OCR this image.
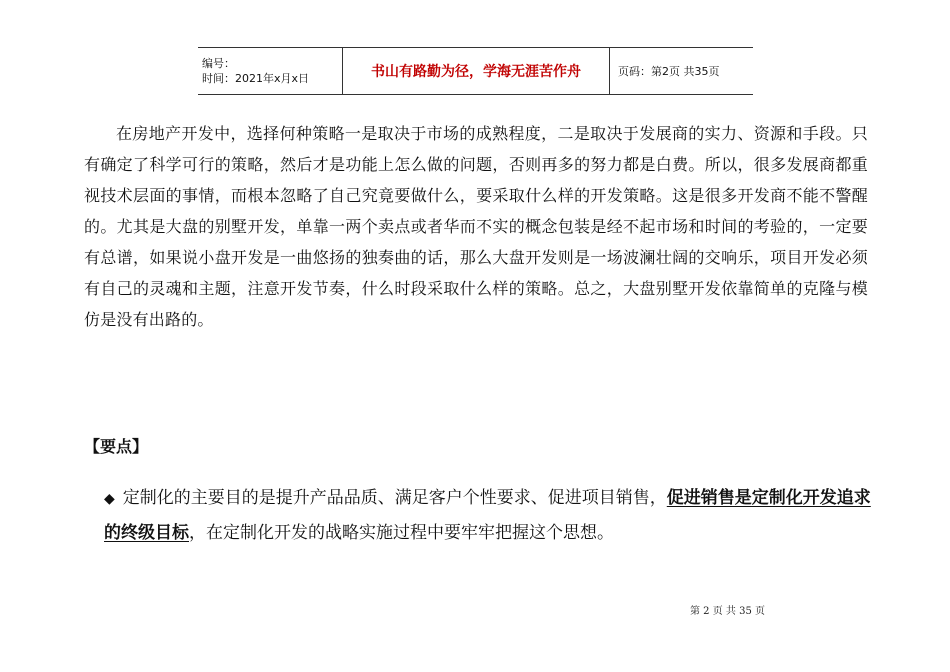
编号：
时间：2021年x月x日	书山有路勤为径，学海无涯苦作舟	页码：第2页 共35页

在房地产开发中，选择何种策略一是取决于市场的成熟程度，二是取决于发展商的实力、资源和手段。只有确定了科学可行的策略，然后才是功能上怎么做的问题，否则再多的努力都是白费。所以，很多发展商都重视技术层面的事情，而根本忽略了自己究竟要做什么，要采取什么样的开发策略。这是很多开发商不能不警醒的。尤其是大盘的别墅开发，单靠一两个卖点或者华而不实的概念包装是经不起市场和时间的考验的，一定要有总谱，如果说小盘开发是一曲悠扬的独奏曲的话，那么大盘开发则是一场波澜壮阔的交响乐，项目开发必须有自己的灵魂和主题，注意开发节奏，什么时段采取什么样的策略。总之，大盘别墅开发依靠简单的克隆与模仿是没有出路的。

【要点】

◆ 定制化的主要目的是提升产品品质、满足客户个性要求、促进项目销售，促进销售是定制化开发追求的终级目标，在定制化开发的战略实施过程中要牢牢把握这个思想。

第 2 页 共 35 页
